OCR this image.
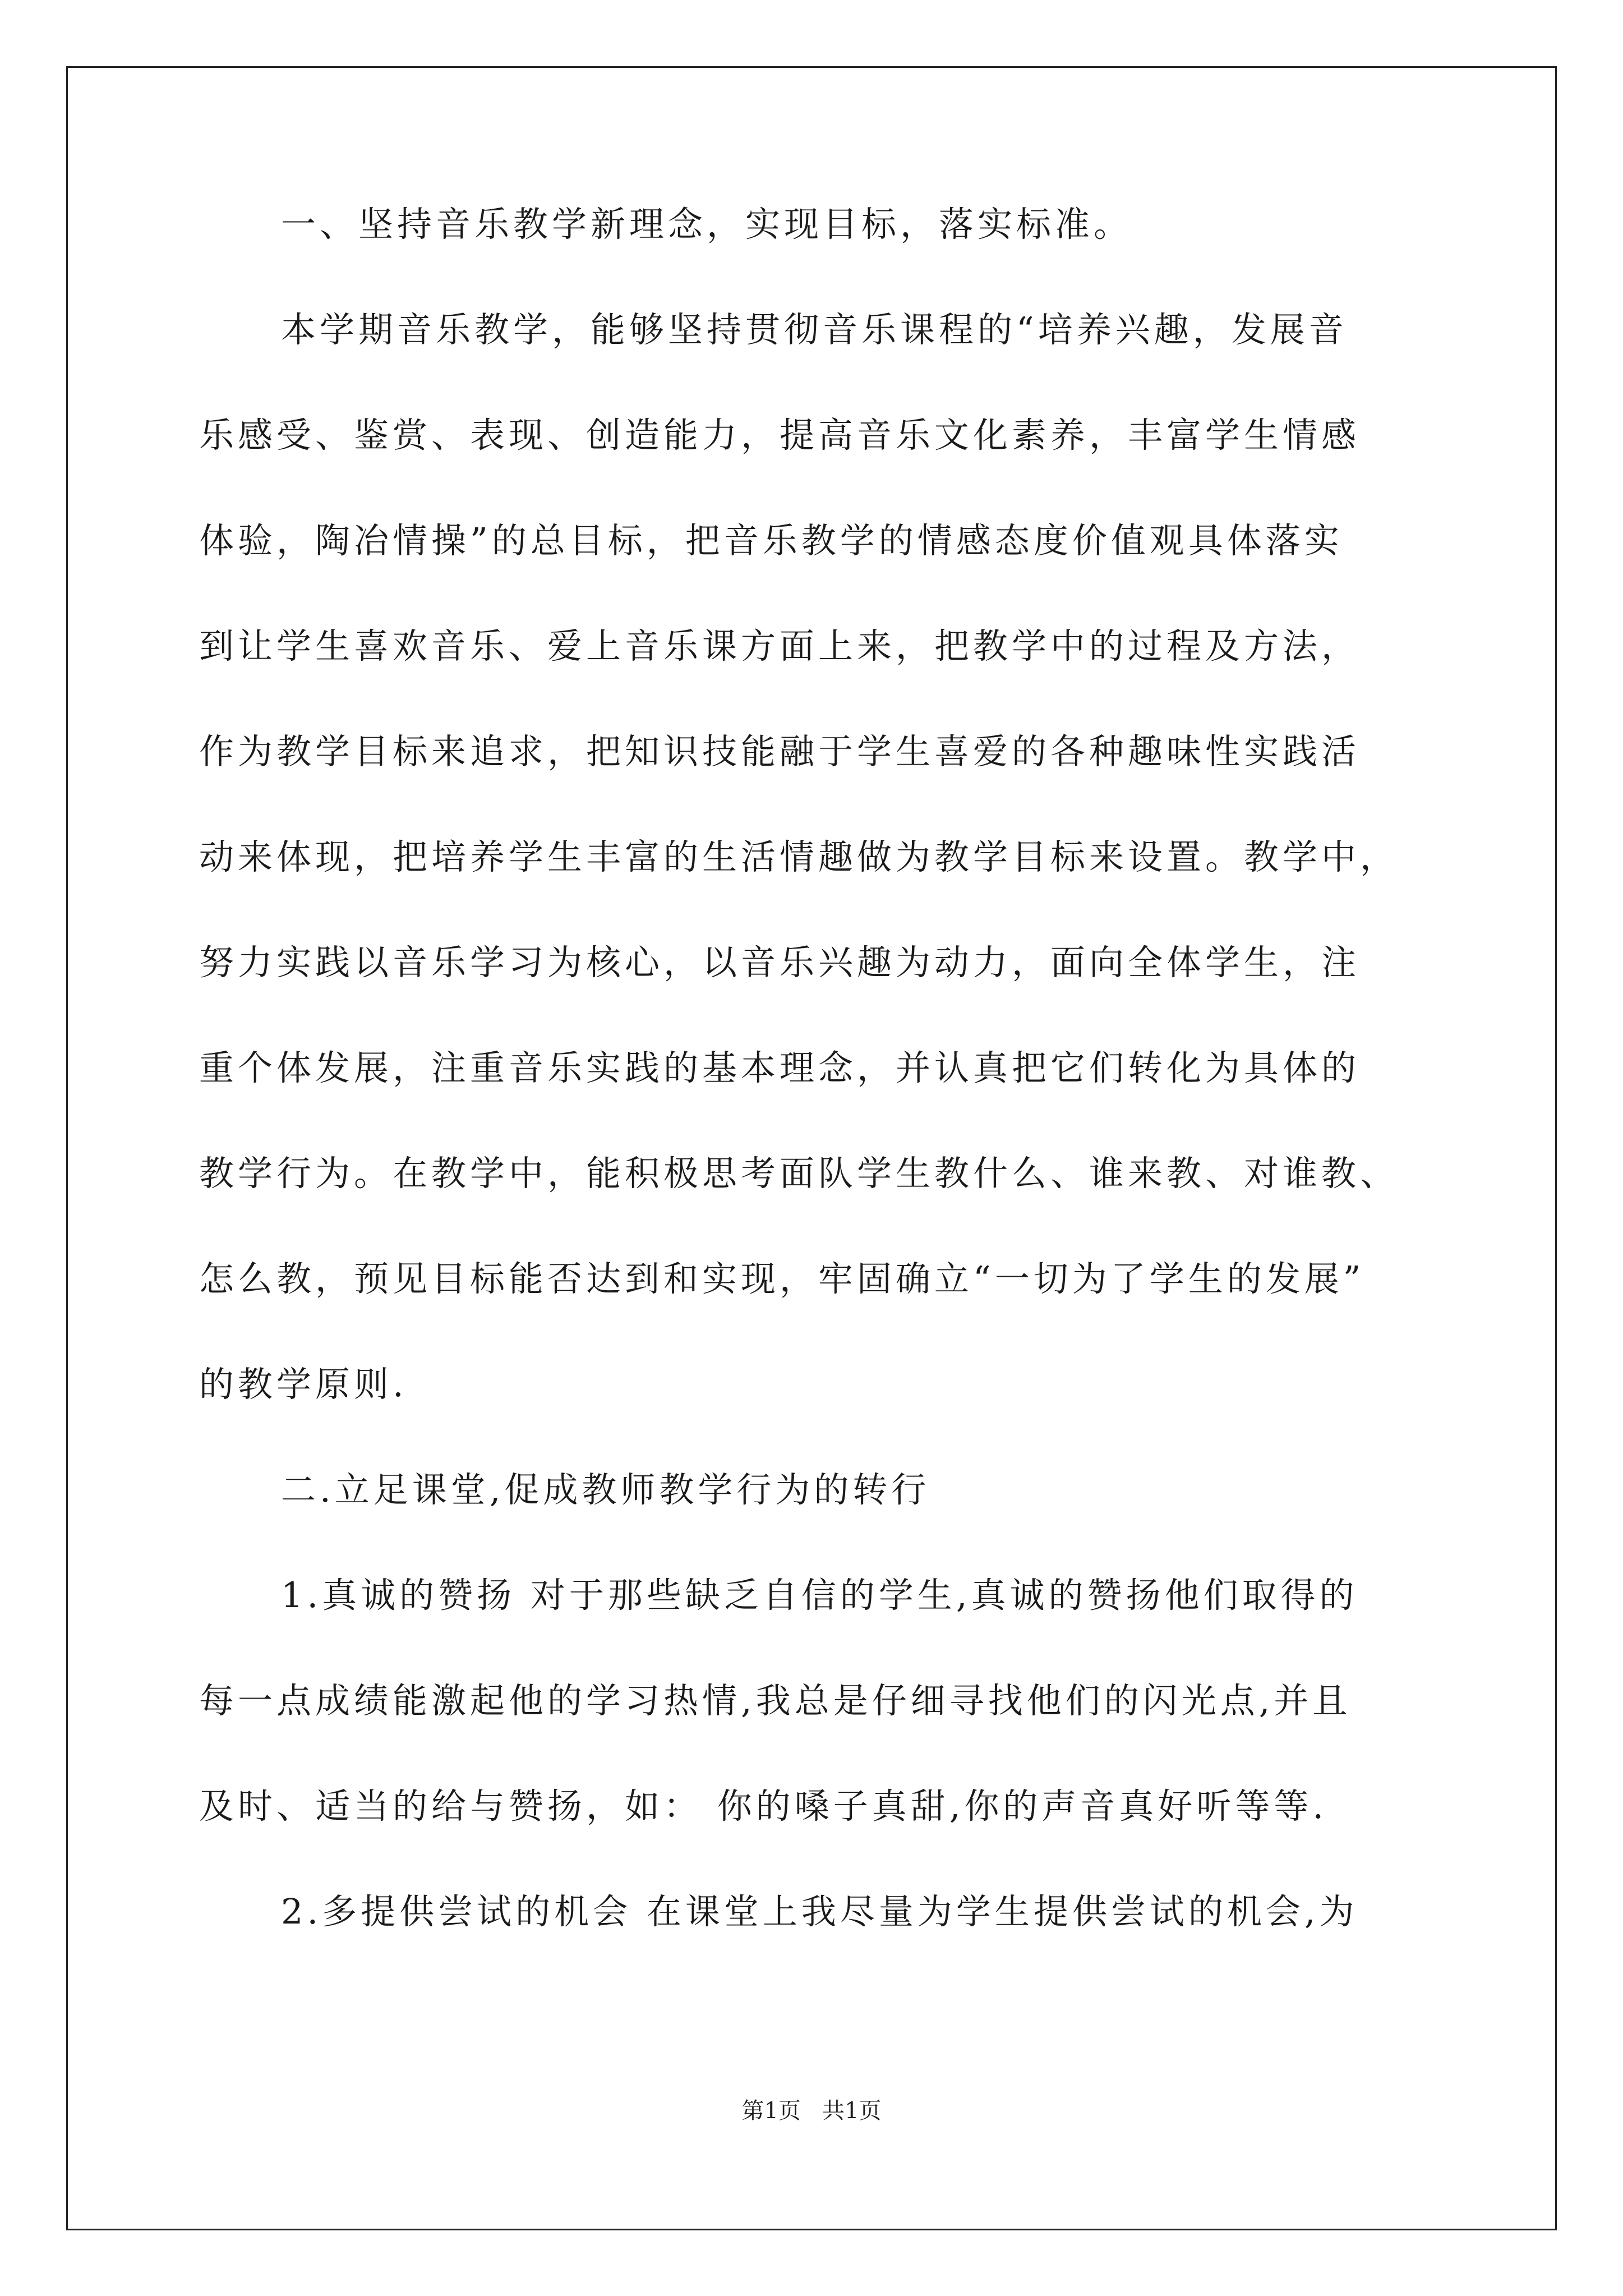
一、坚持音乐教学新理念，实现目标，落实标准。
本学期音乐教学，能够坚持贯彻音乐课程的“培养兴趣，发展音
乐感受、鉴赏、表现、创造能力，提高音乐文化素养，丰富学生情感
体验，陶冶情操”的总目标，把音乐教学的情感态度价值观具体落实
到让学生喜欢音乐、爱上音乐课方面上来，把教学中的过程及方法，
作为教学目标来追求，把知识技能融于学生喜爱的各种趣味性实践活
动来体现，把培养学生丰富的生活情趣做为教学目标来设置。教学中，
努力实践以音乐学习为核心，以音乐兴趣为动力，面向全体学生，注
重个体发展，注重音乐实践的基本理念，并认真把它们转化为具体的
教学行为。在教学中，能积极思考面队学生教什么、谁来教、对谁教、
怎么教，预见目标能否达到和实现，牢固确立“一切为了学生的发展”
的教学原则.
二.立足课堂,促成教师教学行为的转行
1.真诚的赞扬 对于那些缺乏自信的学生,真诚的赞扬他们取得的
每一点成绩能激起他的学习热情,我总是仔细寻找他们的闪光点,并且
及时、适当的给与赞扬，如： 你的嗓子真甜,你的声音真好听等等.
2.多提供尝试的机会 在课堂上我尽量为学生提供尝试的机会,为
第1页   共1页
